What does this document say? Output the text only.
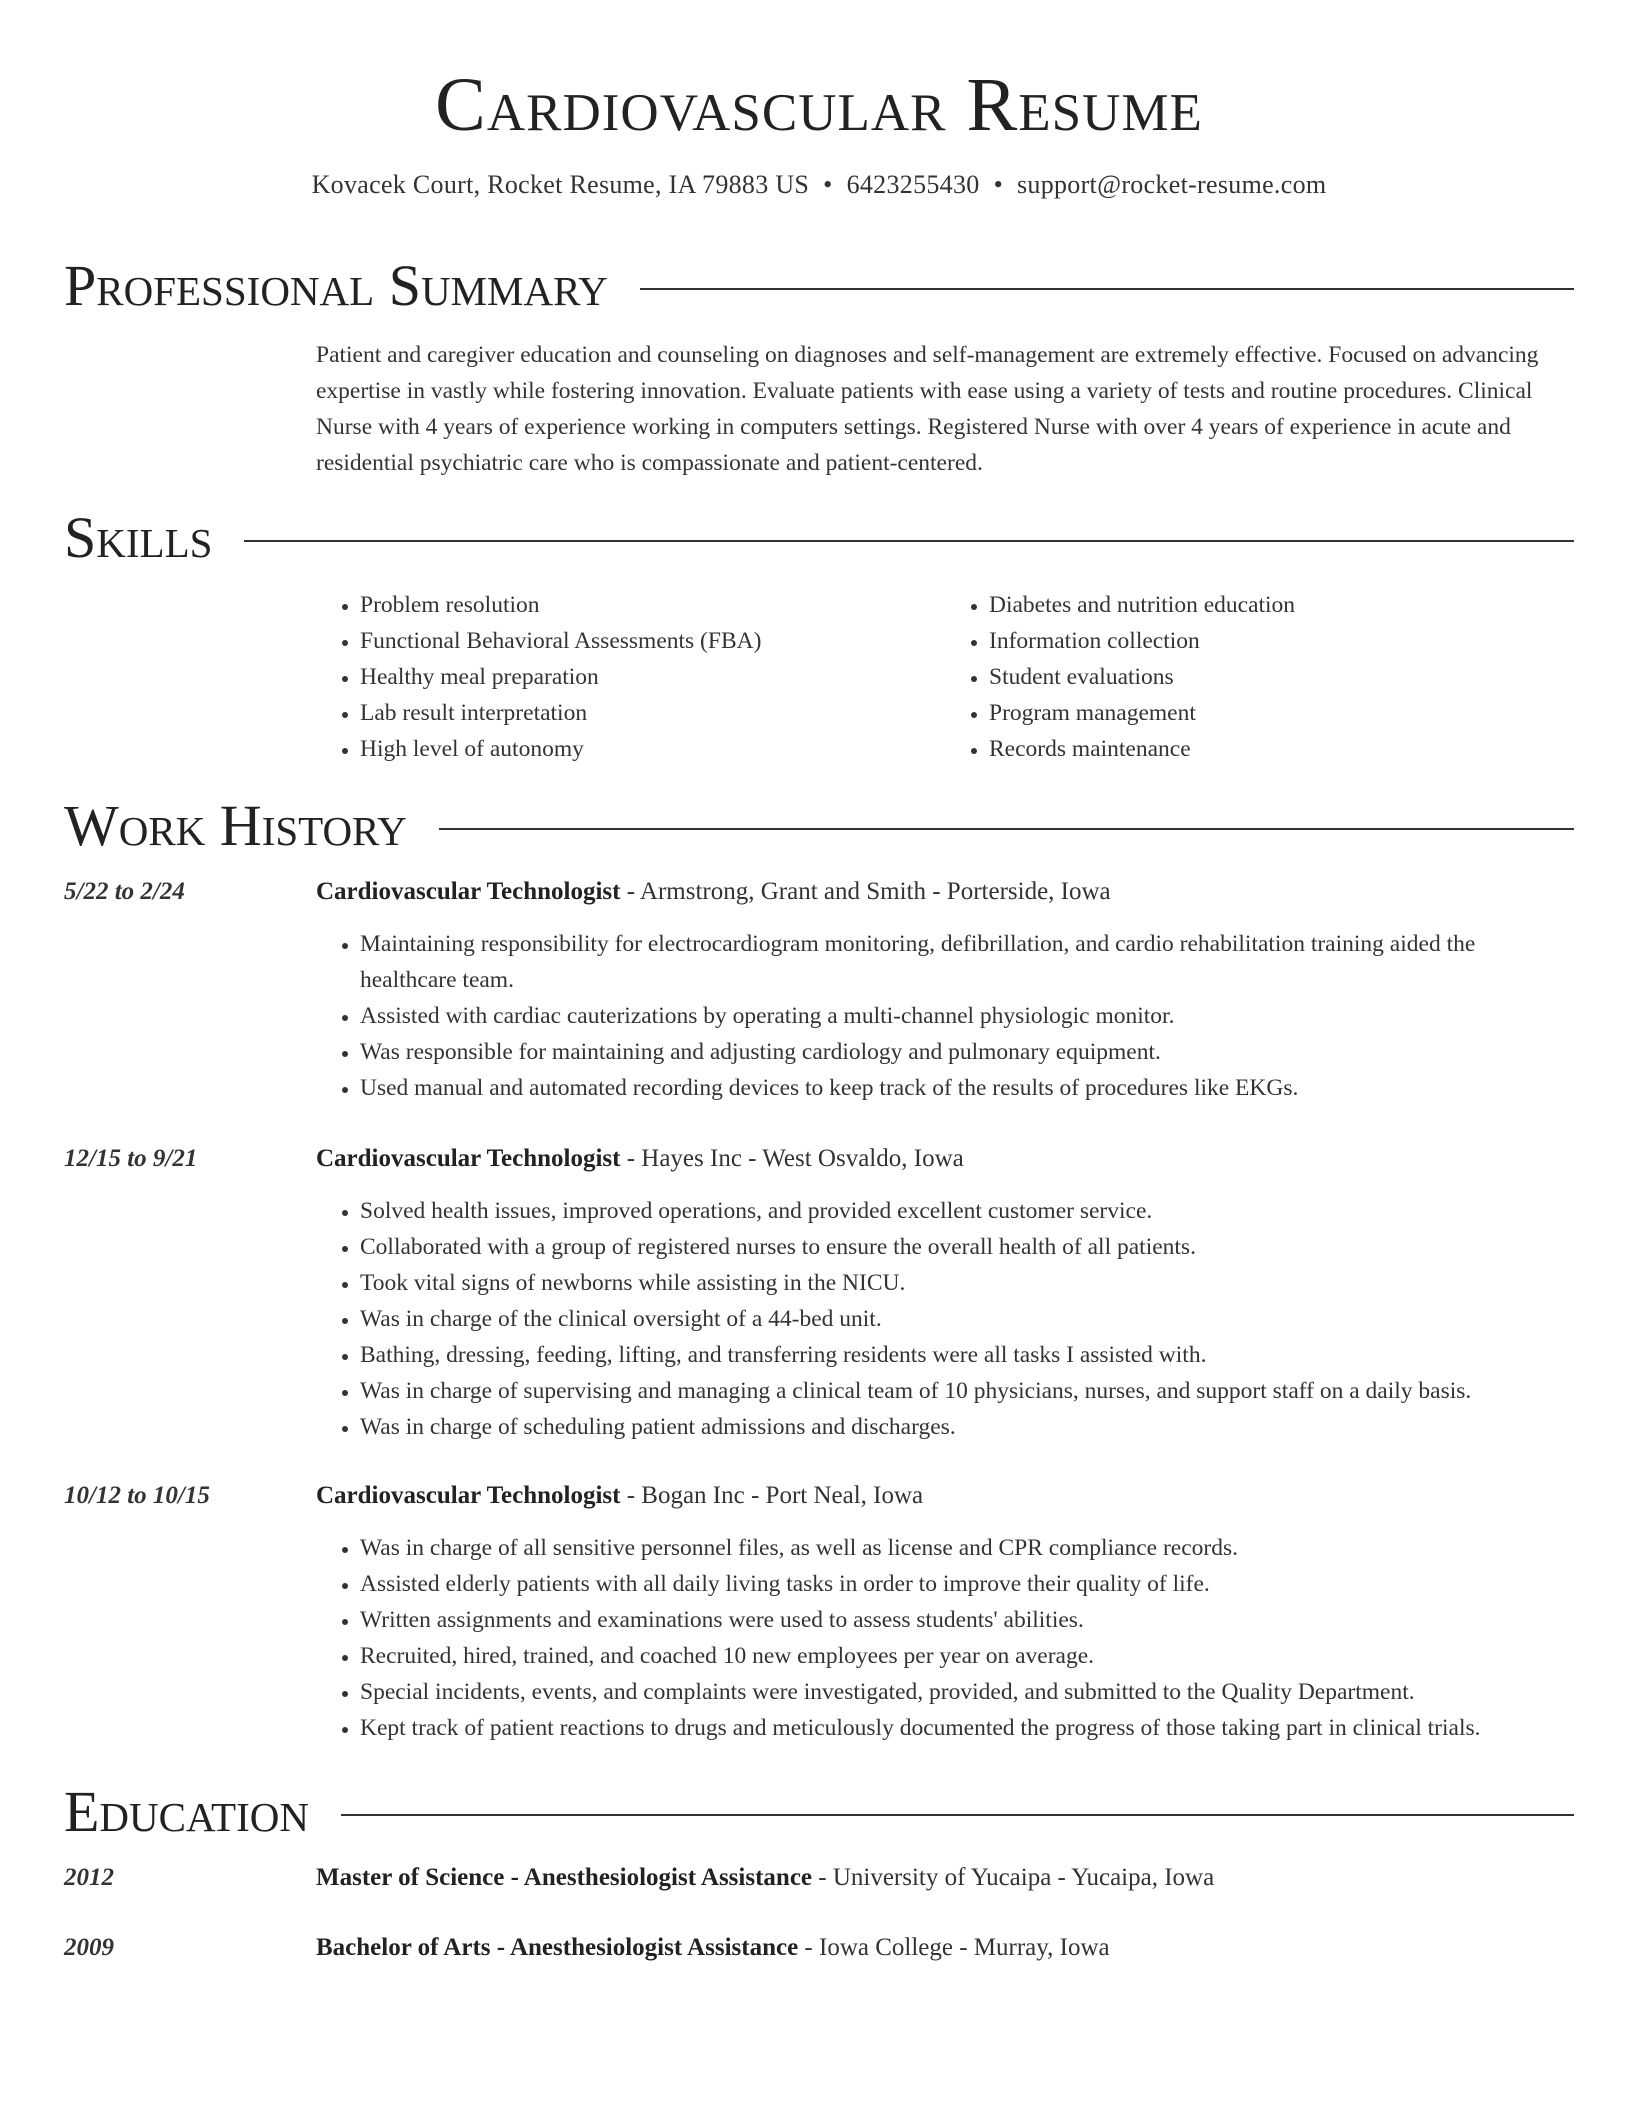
Cardiovascular Resume
Kovacek Court, Rocket Resume, IA 79883 US • 6423255430 • support@rocket-resume.com
Professional Summary

Patient and caregiver education and counseling on diagnoses and self-management are extremely effective. Focused on advancing expertise in vastly while fostering innovation. Evaluate patients with ease using a variety of tests and routine procedures. Clinical Nurse with 4 years of experience working in computers settings. Registered Nurse with over 4 years of experience in acute and residential psychiatric care who is compassionate and patient-centered.

Skills
• Problem resolution
• Functional Behavioral Assessments (FBA)
• Healthy meal preparation
• Lab result interpretation
• High level of autonomy
• Diabetes and nutrition education
• Information collection
• Student evaluations
• Program management
• Records maintenance
Work History
5/22 to 2/24	Cardiovascular Technologist - Armstrong, Grant and Smith - Porterside, Iowa

• Maintaining responsibility for electrocardiogram monitoring, defibrillation, and cardio rehabilitation training aided the healthcare team.
• Assisted with cardiac cauterizations by operating a multi-channel physiologic monitor.
• Was responsible for maintaining and adjusting cardiology and pulmonary equipment.
• Used manual and automated recording devices to keep track of the results of procedures like EKGs.
12/15 to 9/21	Cardiovascular Technologist - Hayes Inc - West Osvaldo, Iowa

• Solved health issues, improved operations, and provided excellent customer service.
• Collaborated with a group of registered nurses to ensure the overall health of all patients.
• Took vital signs of newborns while assisting in the NICU.
• Was in charge of the clinical oversight of a 44-bed unit.
• Bathing, dressing, feeding, lifting, and transferring residents were all tasks I assisted with.
• Was in charge of supervising and managing a clinical team of 10 physicians, nurses, and support staff on a daily basis.
• Was in charge of scheduling patient admissions and discharges.
10/12 to 10/15	Cardiovascular Technologist - Bogan Inc - Port Neal, Iowa

• Was in charge of all sensitive personnel files, as well as license and CPR compliance records.
• Assisted elderly patients with all daily living tasks in order to improve their quality of life.
• Written assignments and examinations were used to assess students' abilities.
• Recruited, hired, trained, and coached 10 new employees per year on average.
• Special incidents, events, and complaints were investigated, provided, and submitted to the Quality Department.
• Kept track of patient reactions to drugs and meticulously documented the progress of those taking part in clinical trials.
Education
2012	Master of Science - Anesthesiologist Assistance - University of Yucaipa - Yucaipa, Iowa

2009	Bachelor of Arts - Anesthesiologist Assistance - Iowa College - Murray, Iowa
